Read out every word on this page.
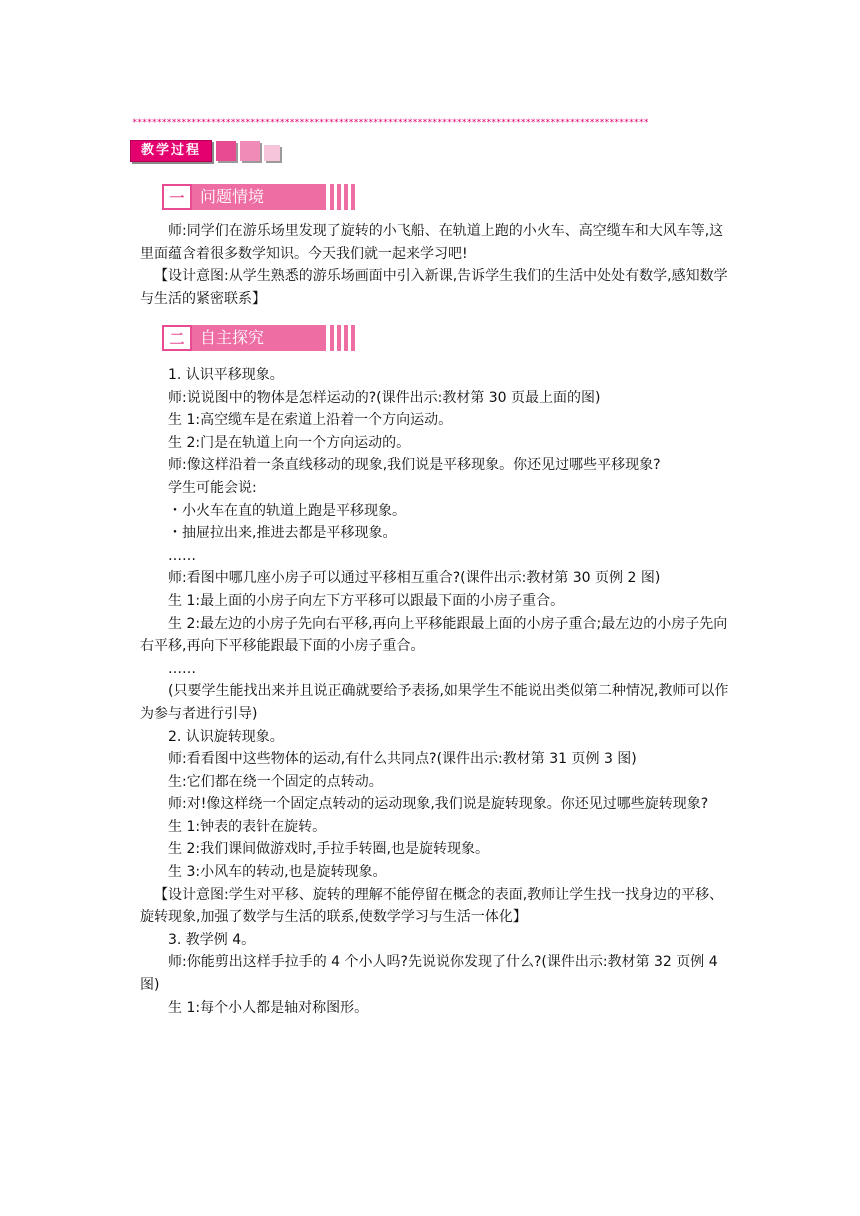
*********************************************************************************************************
教学过程
一 问题情境

师:同学们在游乐场里发现了旋转的小飞船、在轨道上跑的小火车、高空缆车和大风车等,这里面蕴含着很多数学知识。今天我们就一起来学习吧!

【设计意图:从学生熟悉的游乐场画面中引入新课,告诉学生我们的生活中处处有数学,感知数学与生活的紧密联系】

二 自主探究

1. 认识平移现象。

师:说说图中的物体是怎样运动的?(课件出示:教材第 30 页最上面的图)

生 1:高空缆车是在索道上沿着一个方向运动。

生 2:门是在轨道上向一个方向运动的。

师:像这样沿着一条直线移动的现象,我们说是平移现象。你还见过哪些平移现象?

学生可能会说:

・小火车在直的轨道上跑是平移现象。

・抽屉拉出来,推进去都是平移现象。

……

师:看图中哪几座小房子可以通过平移相互重合?(课件出示:教材第 30 页例 2 图)

生 1:最上面的小房子向左下方平移可以跟最下面的小房子重合。

生 2:最左边的小房子先向右平移,再向上平移能跟最上面的小房子重合;最左边的小房子先向右平移,再向下平移能跟最下面的小房子重合。

……

(只要学生能找出来并且说正确就要给予表扬,如果学生不能说出类似第二种情况,教师可以作为参与者进行引导)

2. 认识旋转现象。

师:看看图中这些物体的运动,有什么共同点?(课件出示:教材第 31 页例 3 图)

生:它们都在绕一个固定的点转动。

师:对!像这样绕一个固定点转动的运动现象,我们说是旋转现象。你还见过哪些旋转现象?

生 1:钟表的表针在旋转。

生 2:我们课间做游戏时,手拉手转圈,也是旋转现象。

生 3:小风车的转动,也是旋转现象。

【设计意图:学生对平移、旋转的理解不能停留在概念的表面,教师让学生找一找身边的平移、旋转现象,加强了数学与生活的联系,使数学学习与生活一体化】

3. 教学例 4。

师:你能剪出这样手拉手的 4 个小人吗?先说说你发现了什么?(课件出示:教材第 32 页例 4 图)

生 1:每个小人都是轴对称图形。
